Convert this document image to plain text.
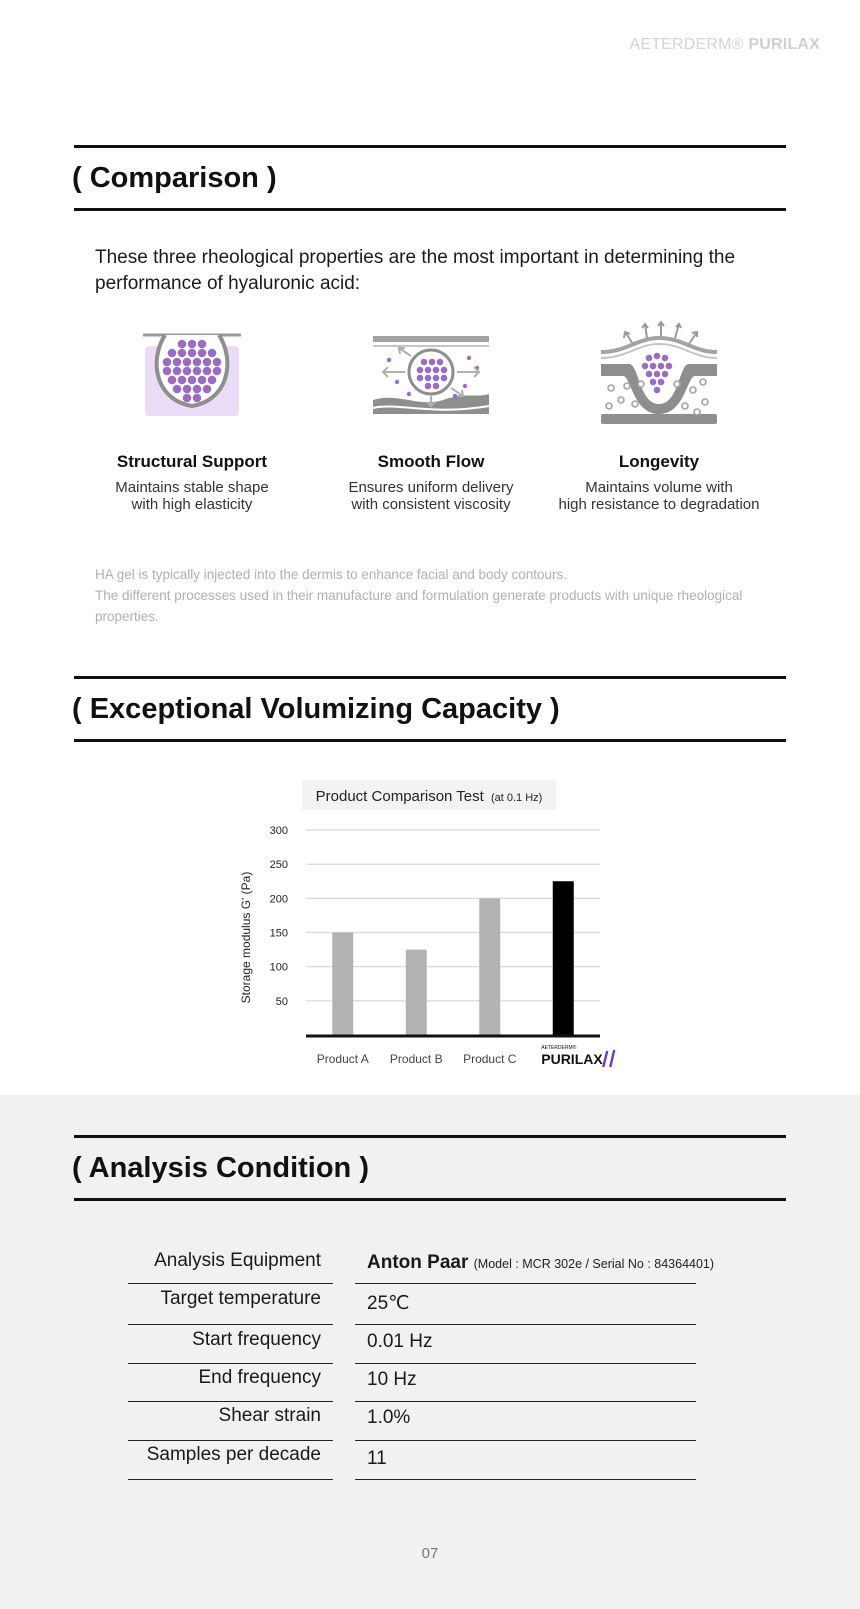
AETERDERM® PURILAX
( Comparison )

These three rheological properties are the most important in determining the performance of hyaluronic acid:

Structural Support
Maintains stable shape
with high elasticity
Smooth Flow
Ensures uniform delivery
with consistent viscosity
Longevity
Maintains volume with
high resistance to degradation
HA gel is typically injected into the dermis to enhance facial and body contours.
The different processes used in their manufacture and formulation generate products with unique rheological properties.
( Exceptional Volumizing Capacity )
Product Comparison Test (at 0.1 Hz)
50
100
150
200
250
300
Storage modulus G' (Pa)
Product A Product B Product C
AETERDERM®
PURILAX
( Analysis Condition )
Analysis Equipment	Anton Paar (Model : MCR 302e / Serial No : 84364401)
Target temperature	25℃
Start frequency	0.01 Hz
End frequency	10 Hz
Shear strain	1.0%
Samples per decade	11
07
